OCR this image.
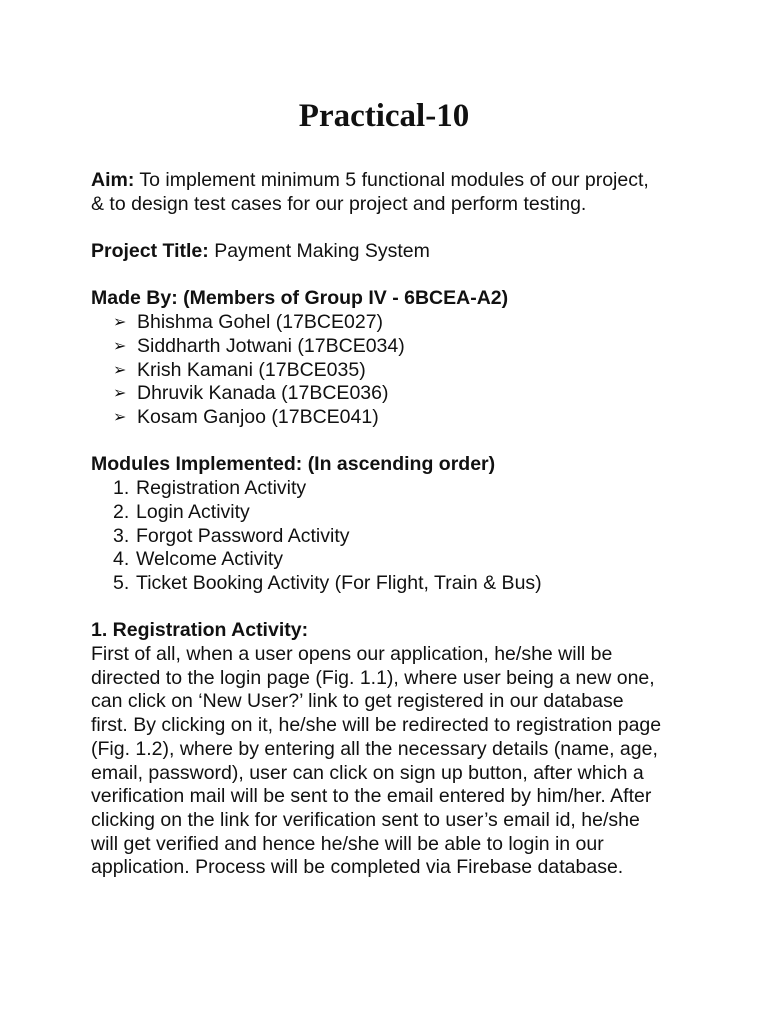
Practical-10

Aim: To implement minimum 5 functional modules of our project,
& to design test cases for our project and perform testing.

Project Title: Payment Making System

Made By: (Members of Group IV - 6BCEA-A2)

➢ Bhishma Gohel (17BCE027)
➢ Siddharth Jotwani (17BCE034)
➢ Krish Kamani (17BCE035)
➢ Dhruvik Kanada (17BCE036)
➢ Kosam Ganjoo (17BCE041)

Modules Implemented: (In ascending order)

1. Registration Activity
2. Login Activity
3. Forgot Password Activity
4. Welcome Activity
5. Ticket Booking Activity (For Flight, Train & Bus)

1. Registration Activity:

First of all, when a user opens our application, he/she will be
directed to the login page (Fig. 1.1), where user being a new one,
can click on ‘New User?’ link to get registered in our database
first. By clicking on it, he/she will be redirected to registration page
(Fig. 1.2), where by entering all the necessary details (name, age,
email, password), user can click on sign up button, after which a
verification mail will be sent to the email entered by him/her. After
clicking on the link for verification sent to user’s email id, he/she
will get verified and hence he/she will be able to login in our
application. Process will be completed via Firebase database.
